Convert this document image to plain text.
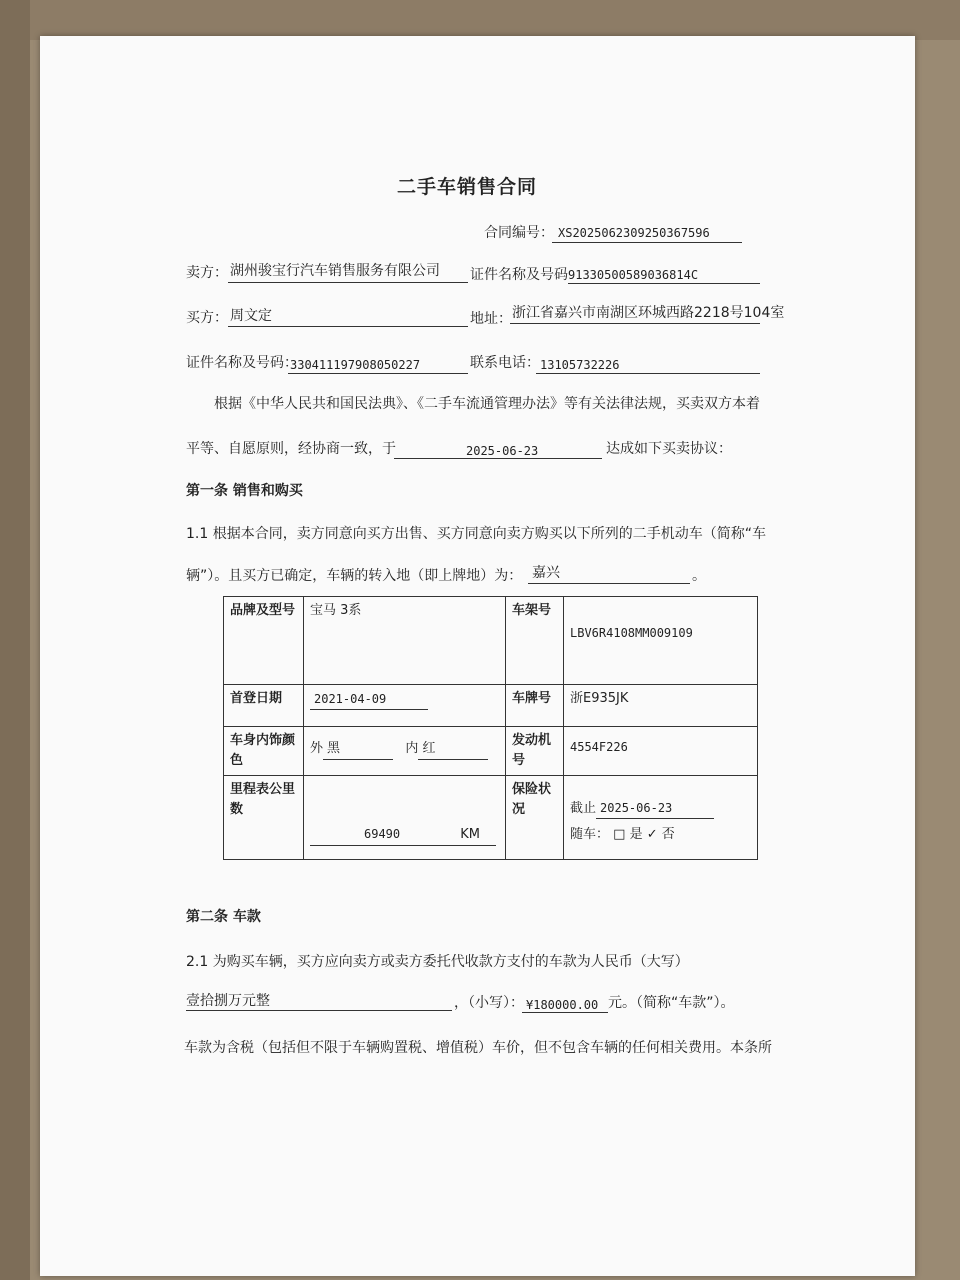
二手车销售合同
合同编号： XS2025062309250367596
卖方： 湖州骏宝行汽车销售服务有限公司 证件名称及号码 91330500589036814C
买方： 周文定	地址： 浙江省嘉兴市南湖区环城西路2218号104室
证件名称及号码：
330411197908050227	联系电话： 13105732226
根据《中华人民共和国民法典》、《二手车流通管理办法》等有关法律法规，买卖双方本着
平等、自愿原则，经协商一致，于	2025-06-23	达成如下买卖协议：
第一条 销售和购买
1.1 根据本合同，卖方同意向买方出售、买方同意向卖方购买以下所列的二手机动车（简称“车
辆”）。且买方已确定，车辆的转入地（即上牌地）为： 嘉兴	。
品牌及型号	宝马 3系	车架号	LBV6R4108MM009109

首登日期	2021-04-09	车牌号	浙E935JK
车身内饰颜色	外 黑 内 红	发动机号	4554F226

里程表公里数	69490 KM	保险状况	截止 2025-06-23
随车： □ 是 ✓ 否
第二条 车款
2.1 为购买车辆，买方应向卖方或卖方委托代收款方支付的车款为人民币（大写）
壹拾捌万元整	，（小写）： ¥180000.00 元。（简称“车款”）。
车款为含税（包括但不限于车辆购置税、增值税）车价，但不包含车辆的任何相关费用。本条所
